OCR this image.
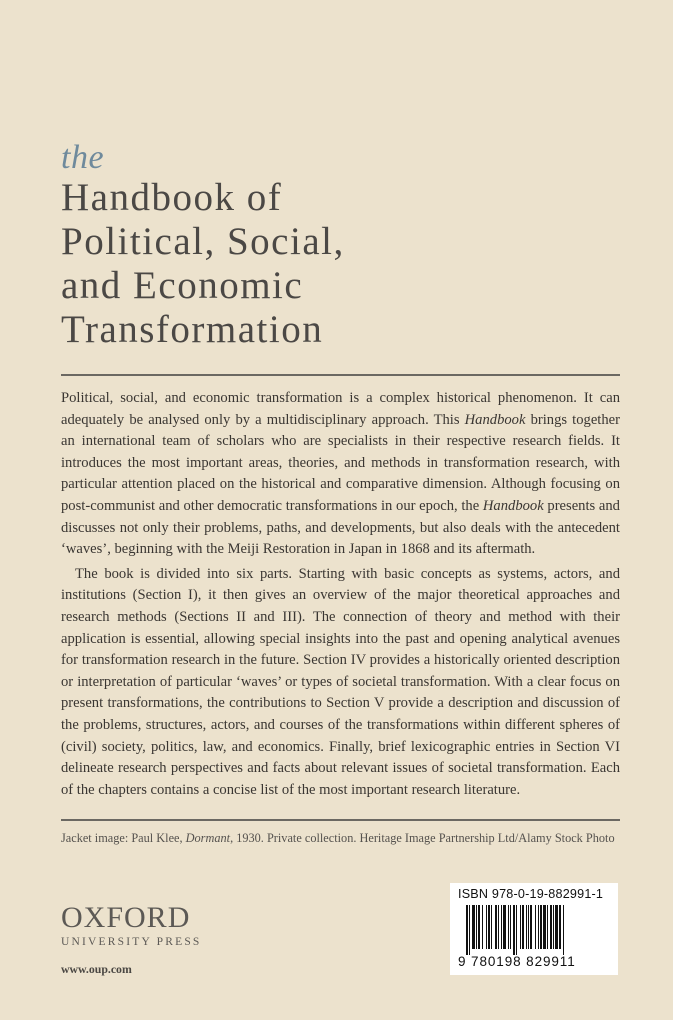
the
Handbook of
Political, Social,
and Economic
Transformation

Political, social, and economic transformation is a complex historical phenomenon. It can adequately be analysed only by a multidisciplinary approach. This Handbook brings together an international team of scholars who are specialists in their respective research fields. It introduces the most important areas, theories, and methods in transformation research, with particular attention placed on the historical and comparative dimension. Although focusing on post-communist and other democratic transformations in our epoch, the Handbook presents and discusses not only their problems, paths, and developments, but also deals with the antecedent ‘waves’, beginning with the Meiji Restoration in Japan in 1868 and its aftermath.

The book is divided into six parts. Starting with basic concepts as systems, actors, and institutions (Section I), it then gives an overview of the major theoretical approaches and research methods (Sections II and III). The connection of theory and method with their application is essential, allowing special insights into the past and opening analytical avenues for transformation research in the future. Section IV provides a historically oriented description or interpretation of particular ‘waves’ or types of societal transformation. With a clear focus on present transformations, the contributions to Section V provide a description and discussion of the problems, structures, actors, and courses of the transformations within different spheres of (civil) society, politics, law, and economics. Finally, brief lexicographic entries in Section VI delineate research perspectives and facts about relevant issues of societal transformation. Each of the chapters contains a concise list of the most important research literature.

Jacket image: Paul Klee, Dormant, 1930. Private collection. Heritage Image Partnership Ltd/Alamy Stock Photo
OXFORD
UNIVERSITY PRESS
www.oup.com
ISBN 978-0-19-882991-1
9 780198 829911
